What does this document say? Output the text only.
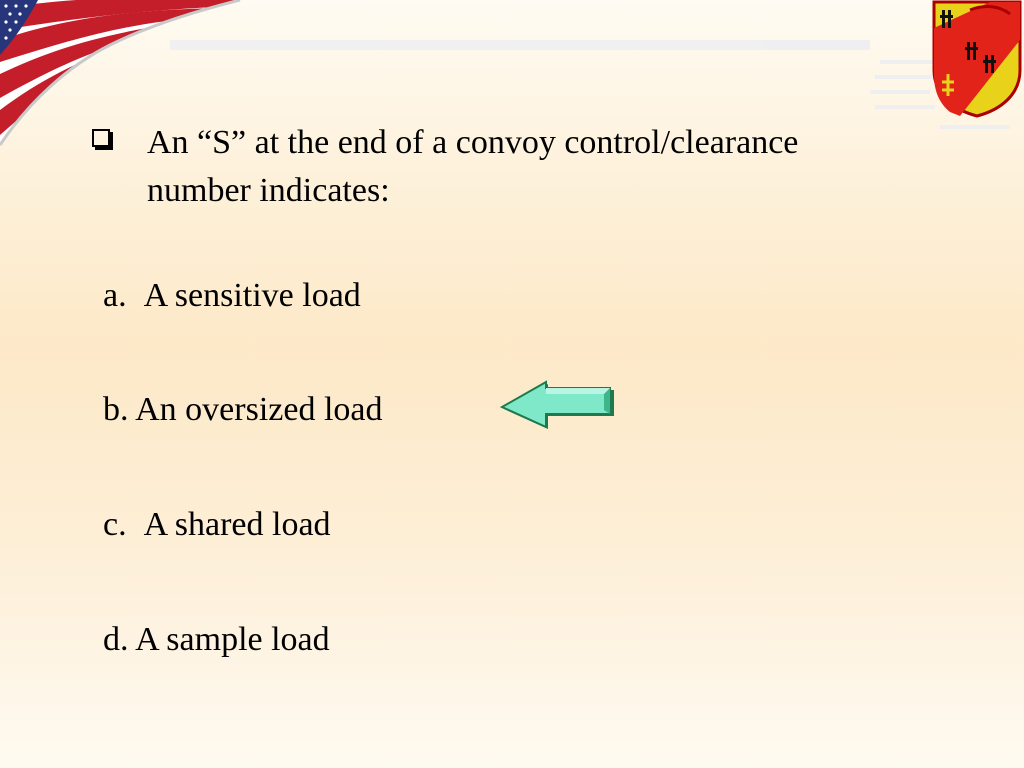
An “S” at the end of a convoy control/clearance
number indicates:

a. A sensitive load
b. An oversized load
c. A shared load
d. A sample load
